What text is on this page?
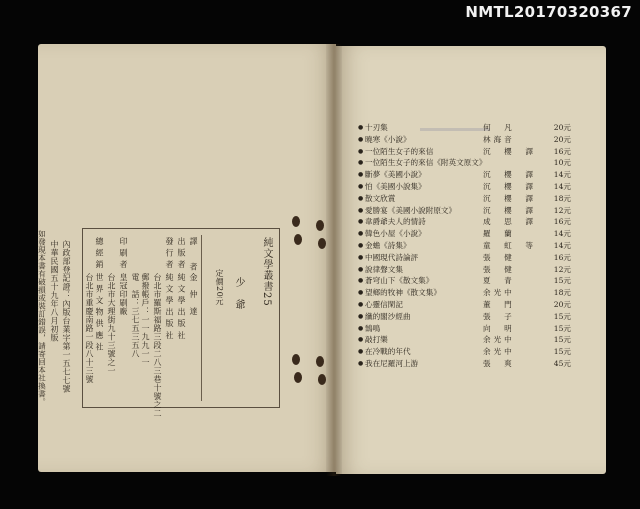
NMTL20170320367
純文學叢書25
少　爺
定價20元
譯　　者
金　仲　達
出 版 者
純 文 學 出 版 社
發 行 者
純 文 學 出 版 社
台北市羅斯福路三段二八三巷十號之二
郵撥帳戶：一一九九一一
電　話：三七五三五八
印 刷 者
皇冠印刷廠
台北市大理街九十三號之一
總 經 銷
世 界 文 物 供 應 社
台北市重慶南路一段八十三號
內政部登記證：內版台業字第一五七七號
中華民國五十九年八月初版
如發現本書有破損或裝訂錯誤，請寄回本社換書。
● 十刃集	何　凡	20元
● 曉寒《小說》	林海音	20元
● 一位陌生女子的來信	沉　櫻　譯	16元
● 一位陌生女子的來信《附英文原文》	10元
● 斷夢《美國小說》	沉　櫻　譯	14元
● 怕《美國小說集》	沉　櫻　譯	14元
● 散文欣賞	沉　櫻　譯	18元
● 愛勝宴《美國小說附原文》	沉　櫻　譯	12元
● 韋爵爺夫人的情詩	成　思　譯	16元
● 韓色小屋《小說》	羅　蘭	14元
● 金蟾《詩集》	童　虹　等	14元
● 中國現代詩論評	張　健	16元
● 說律聲文集	張　健	12元
● 蒼穹山下《散文集》	夏　青	15元
● 望鄉的牧神《散文集》	余光中	18元
● 心靈信閑記	董　門	20元
● 纖的閣沙經曲	張　子	15元
● 鵠鳴	向　明	15元
● 敲打樂	余光中	15元
● 在冷戰的年代	余光中	15元
● 我在尼羅河上游	張　爽	45元
